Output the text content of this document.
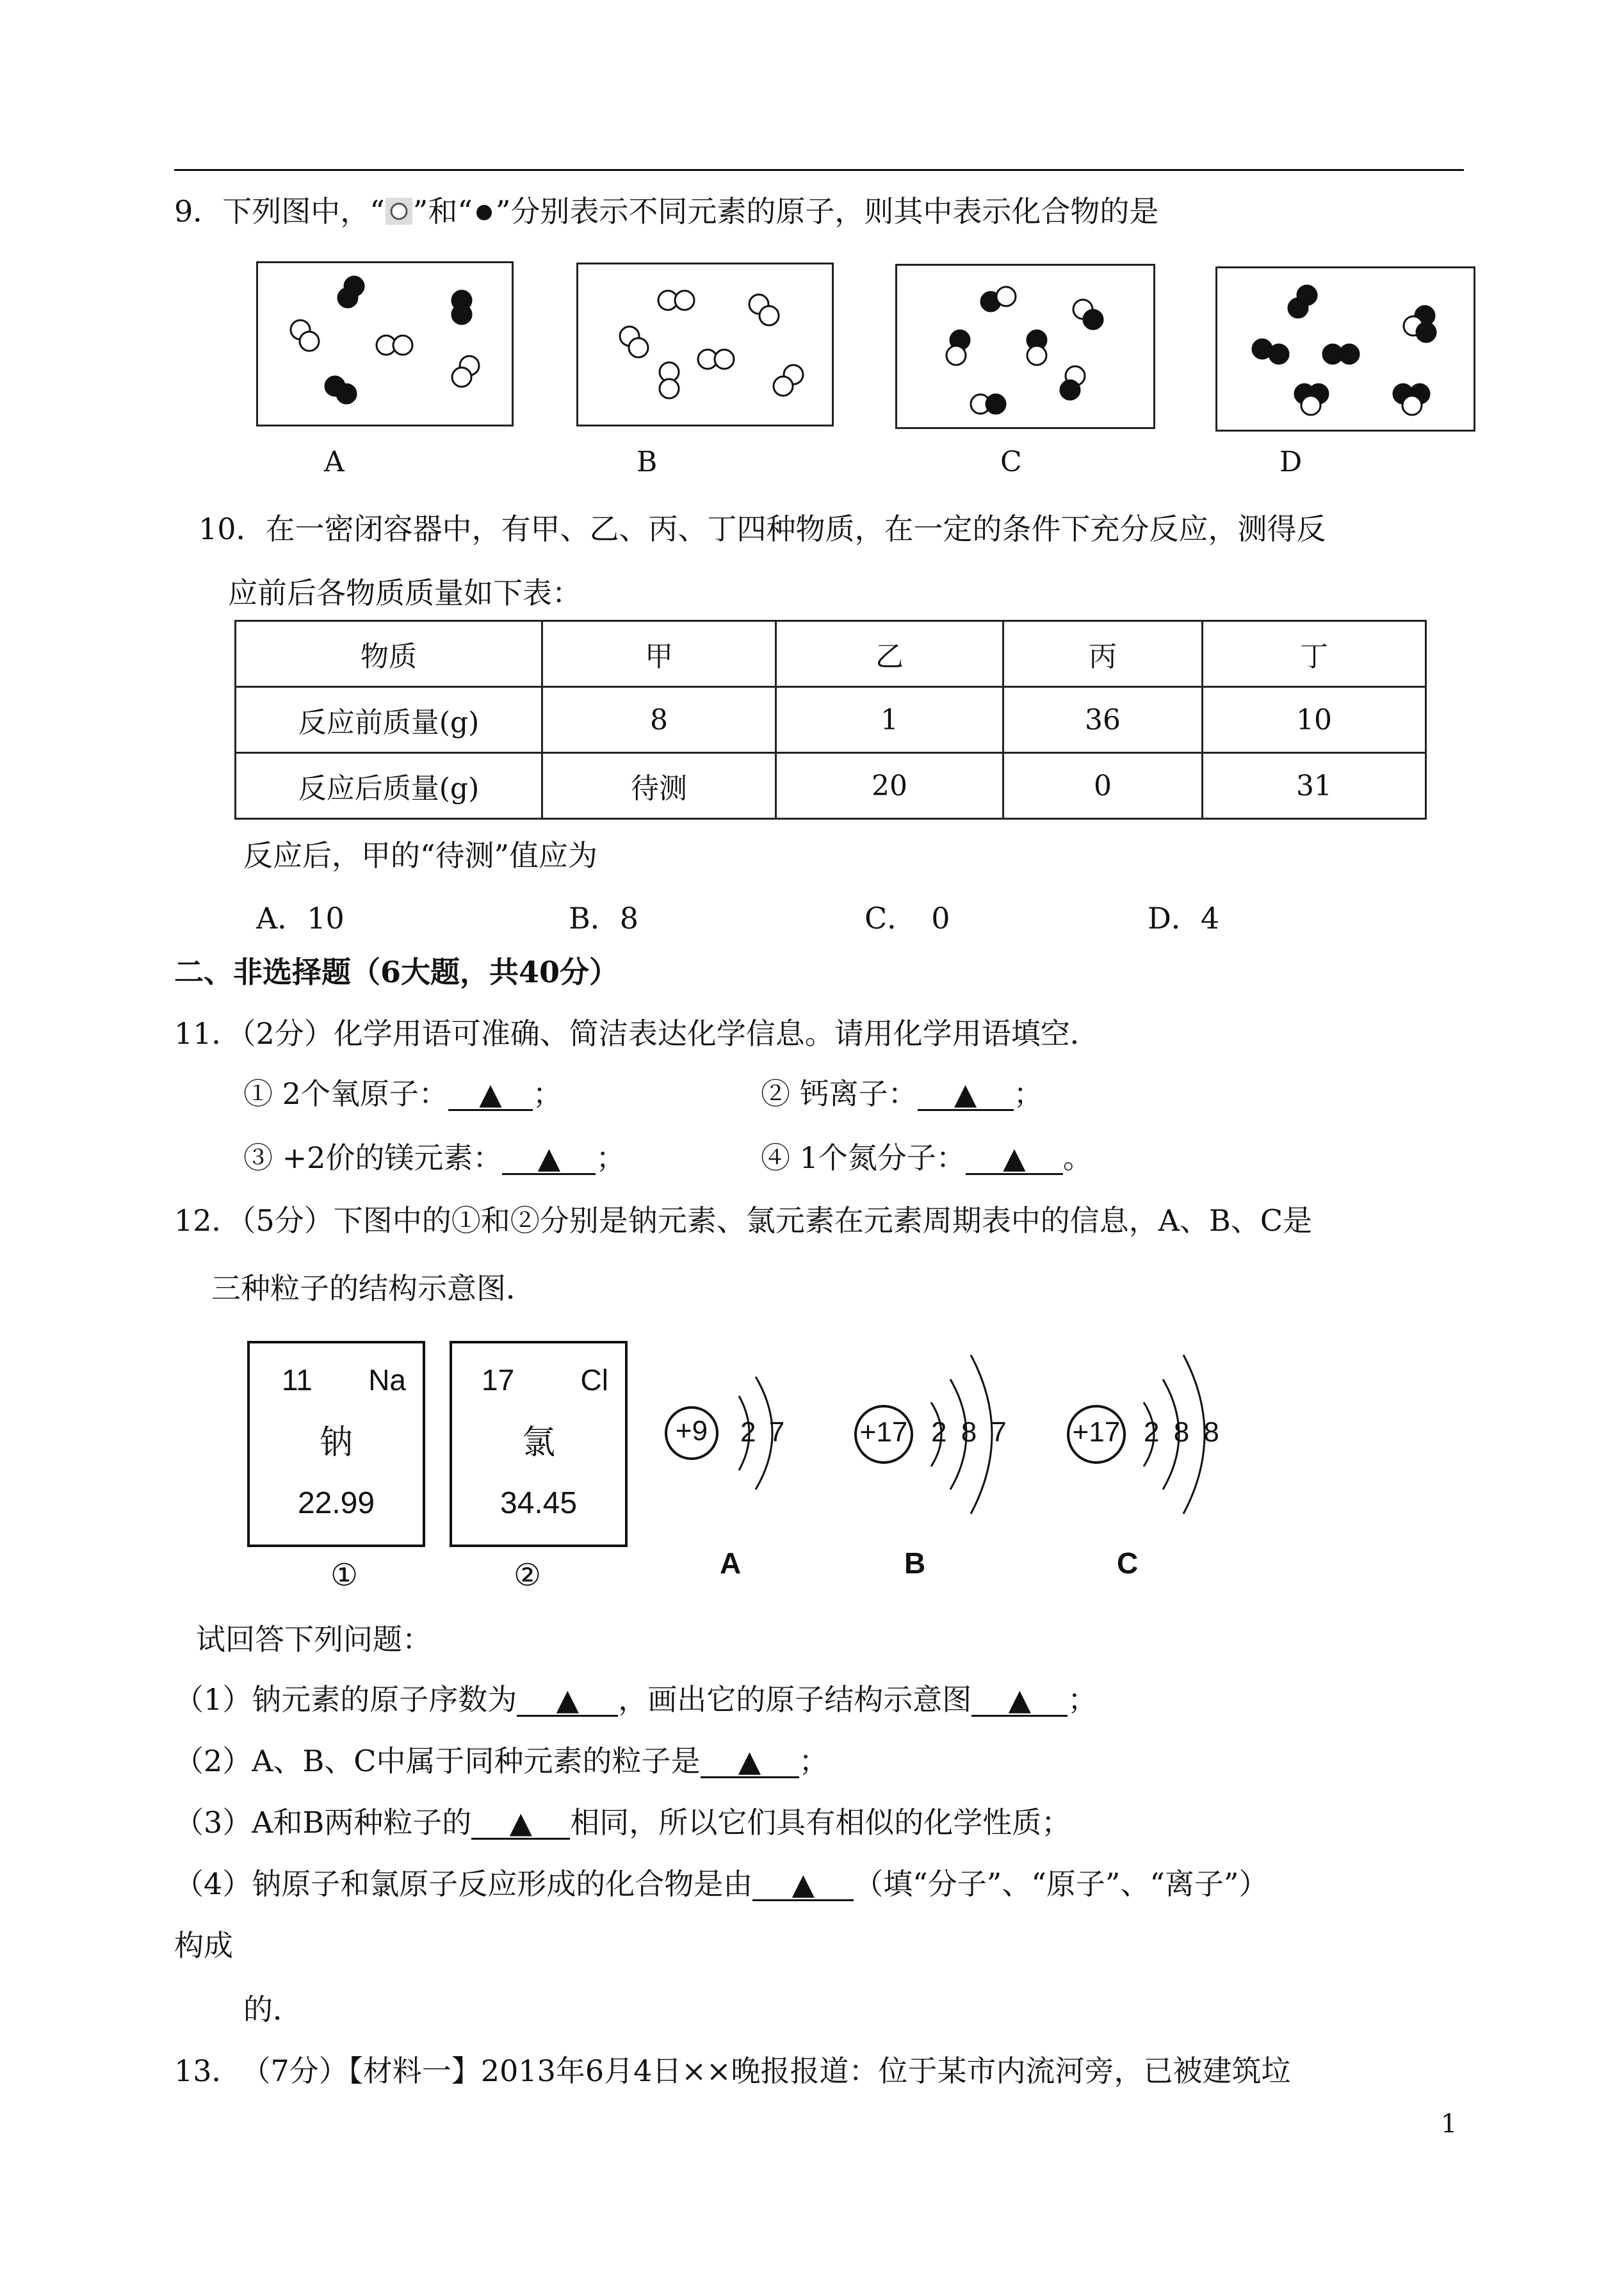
9．下列图中，“ ”和“ ”分别表示不同元素的原子，则其中表示化合物的是
A	B	C	D
10．在一密闭容器中，有甲、乙、丙、丁四种物质，在一定的条件下充分反应，测得反
应前后各物质质量如下表：
物质	甲	乙	丙	丁
反应前质量(g)	8	1	36	10
反应后质量(g)	待测	20	0	31
反应后，甲的“待测”值应为
A．10	B．8	C．　0	D．4
二、非选择题（6大题，共40分）
11．（2分）化学用语可准确、简洁表达化学信息。请用化学用语填空．
① 2个氧原子： ▲ ；	② 钙离子： ▲ ；
③ +2价的镁元素： ▲ ；	④ 1个氮分子： ▲ 。
12．（5分）下图中的①和②分别是钠元素、氯元素在元素周期表中的信息，A、B、C是
三种粒子的结构示意图．
11 Na
钠
22.99
①
17 Cl
氯
34.45
②
+9 2 7
A
+17 2 8 7
B
+17 2 8 8
C
试回答下列问题：
（1）钠元素的原子序数为 ▲ ，画出它的原子结构示意图 ▲ ；
（2）A、B、C中属于同种元素的粒子是 ▲ ；
（3）A和B两种粒子的 ▲ 相同，所以它们具有相似的化学性质；
（4）钠原子和氯原子反应形成的化合物是由 ▲ （填“分子”、“原子”、“离子”）
构成
的．
13．　（7分）【材料一】2013年6月4日××晚报报道：位于某市内流河旁，已被建筑垃
1
